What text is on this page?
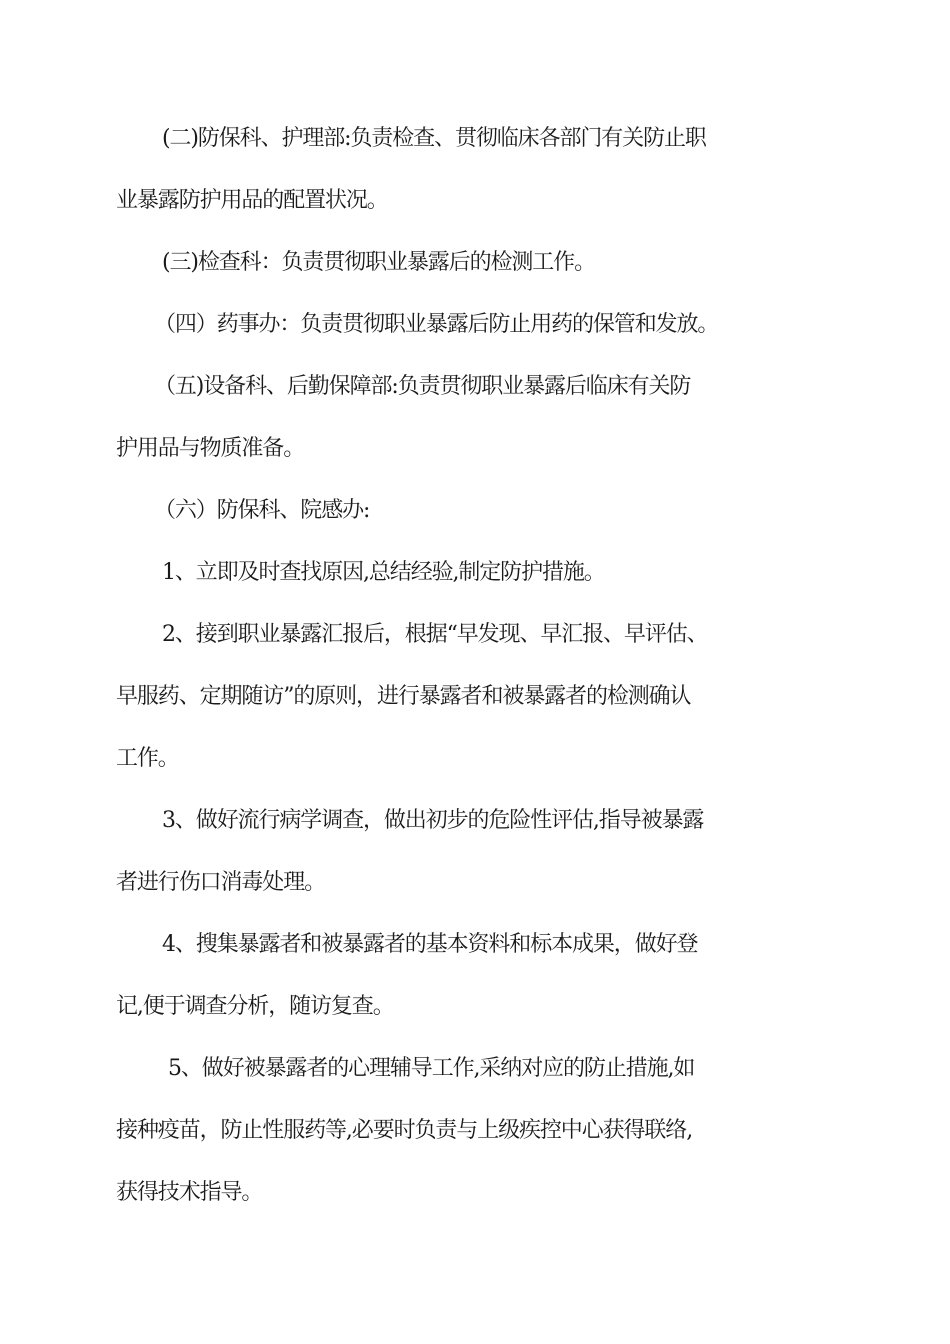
(二)防保科、护理部:负责检查、贯彻临床各部门有关防止职
业暴露防护用品的配置状况。
(三)检查科：负责贯彻职业暴露后的检测工作。
（四）药事办：负责贯彻职业暴露后防止用药的保管和发放。
（五)设备科、后勤保障部:负责贯彻职业暴露后临床有关防
护用品与物质准备。
（六）防保科、院感办:
1、立即及时查找原因,总结经验,制定防护措施。
2、接到职业暴露汇报后，根据“早发现、早汇报、早评估、
早服药、定期随访”的原则，进行暴露者和被暴露者的检测确认
工作。
3、做好流行病学调查，做出初步的危险性评估,指导被暴露
者进行伤口消毒处理。
4、搜集暴露者和被暴露者的基本资料和标本成果，做好登
记,便于调查分析，随访复查。
5、做好被暴露者的心理辅导工作,采纳对应的防止措施,如
接种疫苗，防止性服药等,必要时负责与上级疾控中心获得联络,
获得技术指导。
